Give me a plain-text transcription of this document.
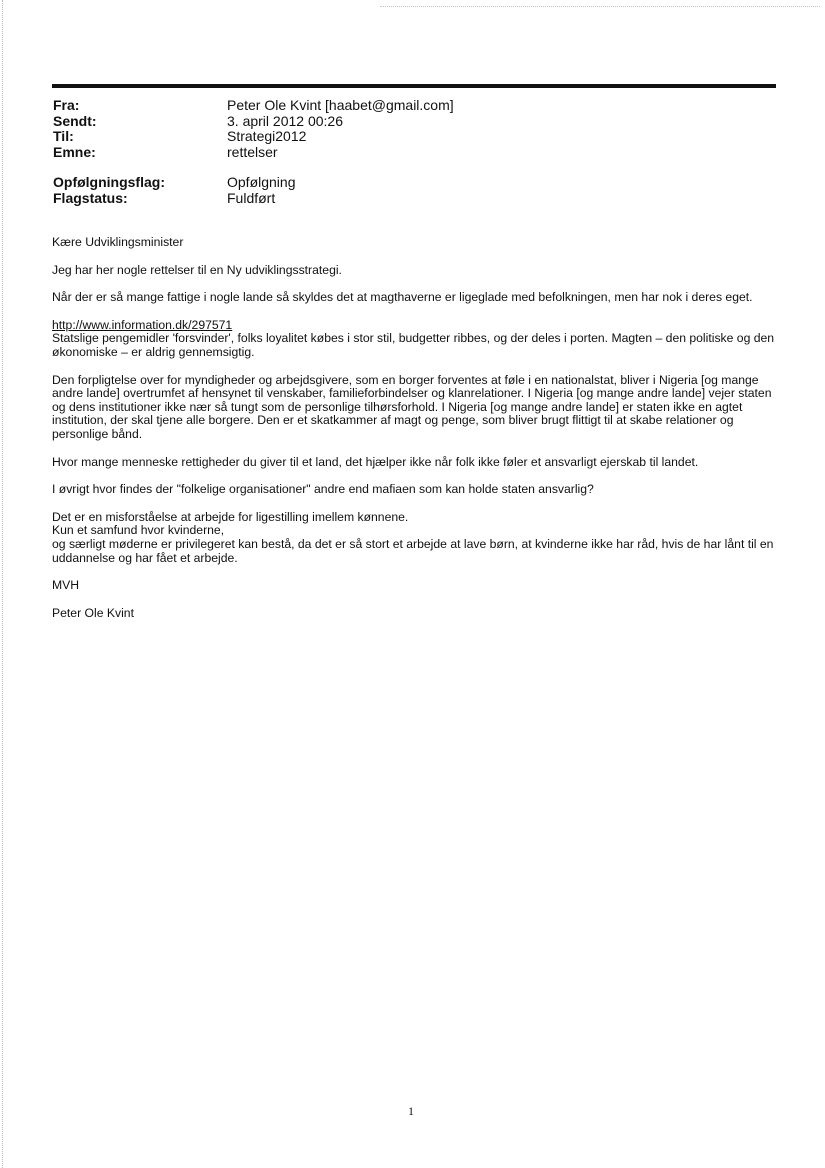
Fra:	Peter Ole Kvint [haabet@gmail.com]
Sendt:	3. april 2012 00:26
Til:	Strategi2012
Emne:	rettelser
Opfølgningsflag:	Opfølgning
Flagstatus:	Fuldført

Kære Udviklingsminister

Jeg har her nogle rettelser til en Ny udviklingsstrategi.

Når der er så mange fattige i nogle lande så skyldes det at magthaverne er ligeglade med befolkningen, men har nok i deres eget.

http://www.information.dk/297571
Statslige pengemidler 'forsvinder', folks loyalitet købes i stor stil, budgetter ribbes, og der deles i porten. Magten – den politiske og den økonomiske – er aldrig gennemsigtig.

Den forpligtelse over for myndigheder og arbejdsgivere, som en borger forventes at føle i en nationalstat, bliver i Nigeria [og mange andre lande] overtrumfet af hensynet til venskaber, familieforbindelser og klanrelationer. I Nigeria [og mange andre lande] vejer staten og dens institutioner ikke nær så tungt som de personlige tilhørsforhold. I Nigeria [og mange andre lande] er staten ikke en agtet institution, der skal tjene alle borgere. Den er et skatkammer af magt og penge, som bliver brugt flittigt til at skabe relationer og personlige bånd.

Hvor mange menneske rettigheder du giver til et land, det hjælper ikke når folk ikke føler et ansvarligt ejerskab til landet.

I øvrigt hvor findes der "folkelige organisationer" andre end mafiaen som kan holde staten ansvarlig?

Det er en misforståelse at arbejde for ligestilling imellem kønnene.
Kun et samfund hvor kvinderne,
og særligt møderne er privilegeret kan bestå, da det er så stort et arbejde at lave børn, at kvinderne ikke har råd, hvis de har lånt til en uddannelse og har fået et arbejde.

MVH

Peter Ole Kvint

1
